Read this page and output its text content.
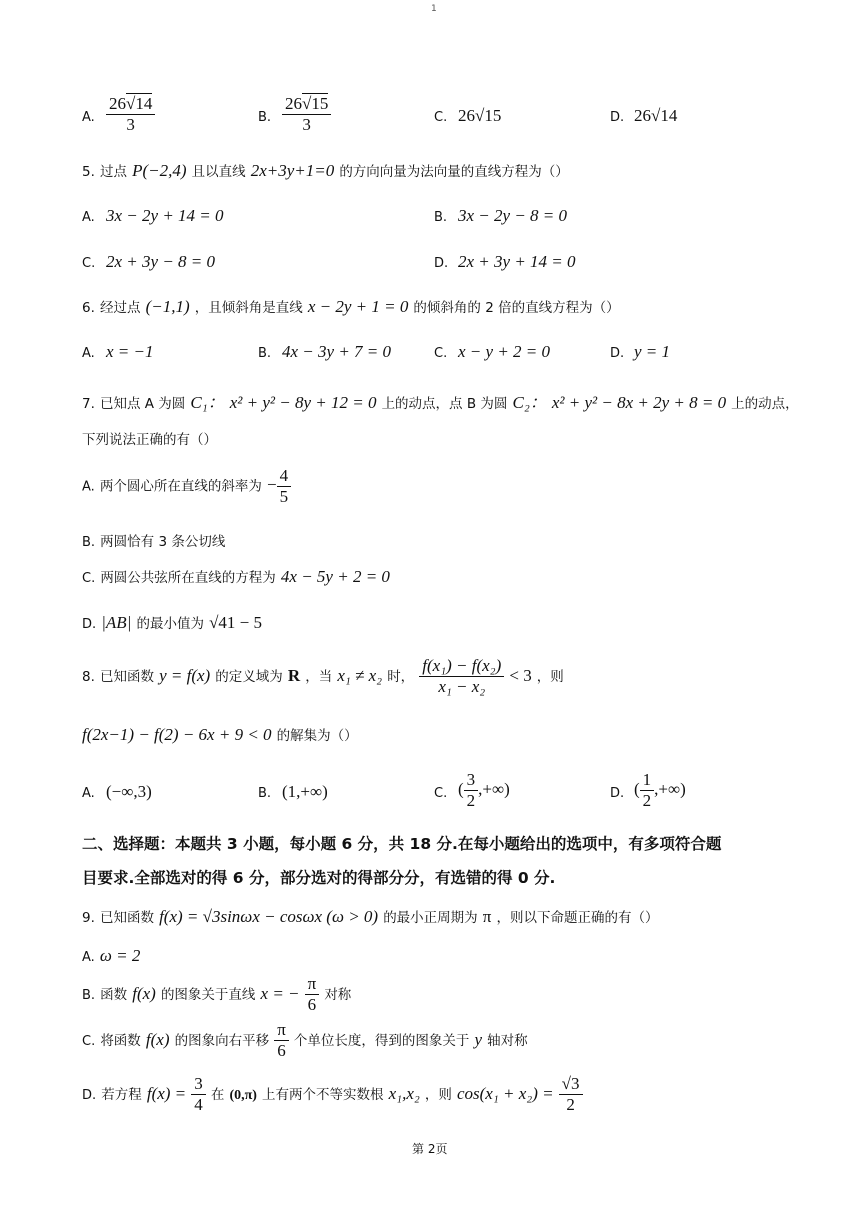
1
A. $\frac{26√14}{3}$	B. $\frac{26√15}{3}$	C. 26√15	D. 26√14
5. 过点 P(−2,4) 且以直线 2x+3y+1=0 的方向向量为法向量的直线方程为（）
A. 3x − 2y + 14 = 0	B. 3x − 2y − 8 = 0
C. 2x + 3y − 8 = 0	D. 2x + 3y + 14 = 0
6. 经过点 (−1,1) ，且倾斜角是直线 x − 2y + 1 = 0 的倾斜角的 2 倍的直线方程为（）
A. x = −1	B. 4x − 3y + 7 = 0	C. x − y + 2 = 0	D. y = 1
7. 已知点 A 为圆 C₁： x² + y² − 8y + 12 = 0 上的动点，点 B 为圆 C₂： x² + y² − 8x + 2y + 8 = 0 上的动点，
下列说法正确的有（）
A. 两个圆心所在直线的斜率为 − $\frac{4}{5}$
B. 两圆恰有 3 条公切线
C. 两圆公共弦所在直线的方程为 4x − 5y + 2 = 0
D. |AB| 的最小值为 √41 − 5
8. 已知函数 y = f(x) 的定义域为 R ，当 x₁ ≠ x₂ 时， $\frac{\text{f(x₁) − f(x₂)}}{\text{x₁ − x₂}} < 3$ ，则
f(2x−1) − f(2) − 6x + 9 < 0 的解集为（）
A. (−∞,3)	B. (1,+∞)	C. ( $\frac{3}{2}$ ,+∞)	D. ( $\frac{1}{2}$ ,+∞)
二、选择题：本题共 3 小题，每小题 6 分，共 18 分.在每小题给出的选项中，有多项符合题
目要求.全部选对的得 6 分，部分选对的得部分分，有选错的得 0 分.
9. 已知函数 f(x) = √3sinωx − cosωx (ω > 0) 的最小正周期为 π ，则以下命题正确的有（）
A. ω = 2
B. 函数 f(x) 的图象关于直线 x = − $\frac{\pi}{6}$ 对称
C. 将函数 f(x) 的图象向右平移 $\frac{\pi}{6}$ 个单位长度，得到的图象关于 y 轴对称
D. 若方程 $f(x) = \frac{3}{4}$ 在 (0,π) 上有两个不等实数根 x₁,x₂ ，则 $\cos(x_1 + x_2) = \frac{√3}{2}$
第 2页
